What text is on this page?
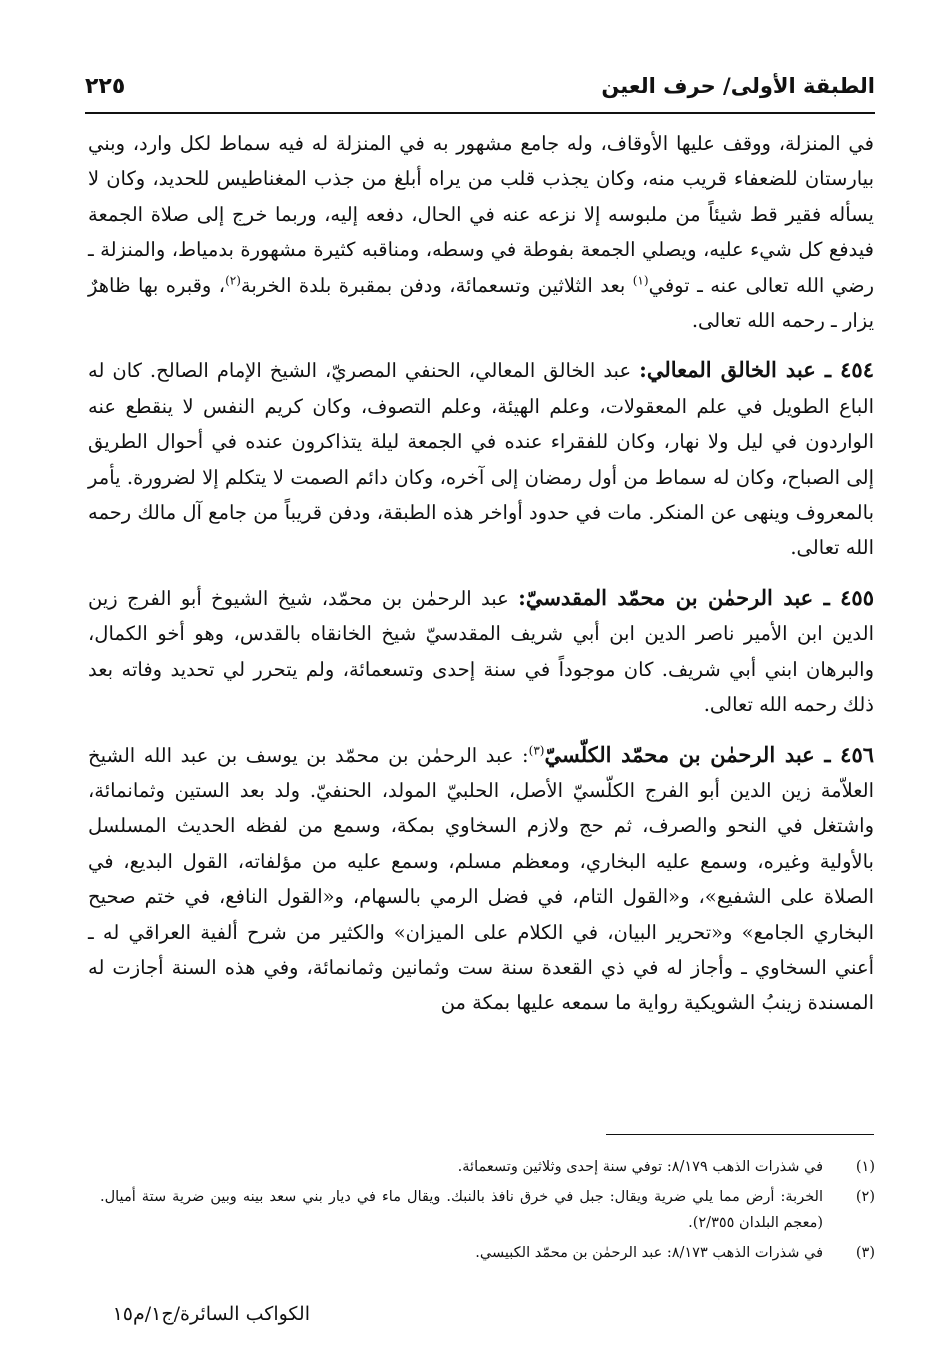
الطبقة الأولى/ حرف العين
٢٢٥

في المنزلة، ووقف عليها الأوقاف، وله جامع مشهور به في المنزلة له فيه سماط لكل وارد، وبني بيارستان للضعفاء قريب منه، وكان يجذب قلب من يراه أبلغ من جذب المغناطيس للحديد، وكان لا يسأله فقير قط شيئاً من ملبوسه إلا نزعه عنه في الحال، دفعه إليه، وربما خرج إلى صلاة الجمعة فيدفع كل شيء عليه، ويصلي الجمعة بفوطة في وسطه، ومناقبه كثيرة مشهورة بدمياط، والمنزلة ـ رضي الله تعالى عنه ـ توفي$^{(١)}$ بعد الثلاثين وتسعمائة، ودفن بمقبرة بلدة الخربة$^{(٢)}$، وقبره بها ظاهرٌ يزار ـ رحمه الله تعالى.

٤٥٤ ـ عبد الخالق المعالي: عبد الخالق المعالي، الحنفي المصريّ، الشيخ الإمام الصالح. كان له الباع الطويل في علم المعقولات، وعلم الهيئة، وعلم التصوف، وكان كريم النفس لا ينقطع عنه الواردون في ليل ولا نهار، وكان للفقراء عنده في الجمعة ليلة يتذاكرون عنده في أحوال الطريق إلى الصباح، وكان له سماط من أول رمضان إلى آخره، وكان دائم الصمت لا يتكلم إلا لضرورة. يأمر بالمعروف وينهى عن المنكر. مات في حدود أواخر هذه الطبقة، ودفن قريباً من جامع آل مالك رحمه الله تعالى.

٤٥٥ ـ عبد الرحمٰن بن محمّد المقدسيّ: عبد الرحمٰن بن محمّد، شيخ الشيوخ أبو الفرج زين الدين ابن الأمير ناصر الدين ابن أبي شريف المقدسيّ شيخ الخانقاه بالقدس، وهو أخو الكمال، والبرهان ابني أبي شريف. كان موجوداً في سنة إحدى وتسعمائة، ولم يتحرر لي تحديد وفاته بعد ذلك رحمه الله تعالى.

٤٥٦ ـ عبد الرحمٰن بن محمّد الكلّسيّ$^{(٣)}$: عبد الرحمٰن بن محمّد بن يوسف بن عبد الله الشيخ العلاّمة زين الدين أبو الفرج الكلّسيّ الأصل، الحلبيّ المولد، الحنفيّ. ولد بعد الستين وثمانمائة، واشتغل في النحو والصرف، ثم حج ولازم السخاوي بمكة، وسمع من لفظه الحديث المسلسل بالأولية وغيره، وسمع عليه البخاري، ومعظم مسلم، وسمع عليه من مؤلفاته، القول البديع، في الصلاة على الشفيع»، و«القول التام، في فضل الرمي بالسهام، و«القول النافع، في ختم صحيح البخاري الجامع» و«تحرير البيان، في الكلام على الميزان» والكثير من شرح ألفية العراقي له ـ أعني السخاوي ـ وأجاز له في ذي القعدة سنة ست وثمانين وثمانمائة، وفي هذه السنة أجازت له المسندة زينبُ الشويكية رواية ما سمعه عليها بمكة من

(١)
في شذرات الذهب ٨/١٧٩: توفي سنة إحدى وثلاثين وتسعمائة.
(٢)
الخربة: أرض مما يلي ضرية ويقال: جبل في خرق نافذ بالنبك. ويقال ماء في ديار بني سعد بينه وبين ضرية ستة أميال. (معجم البلدان ٢/٣٥٥).
(٣)
في شذرات الذهب ٨/١٧٣: عبد الرحمٰن بن محمّد الكبيسي.
الكواكب السائرة/ج١/م١٥
